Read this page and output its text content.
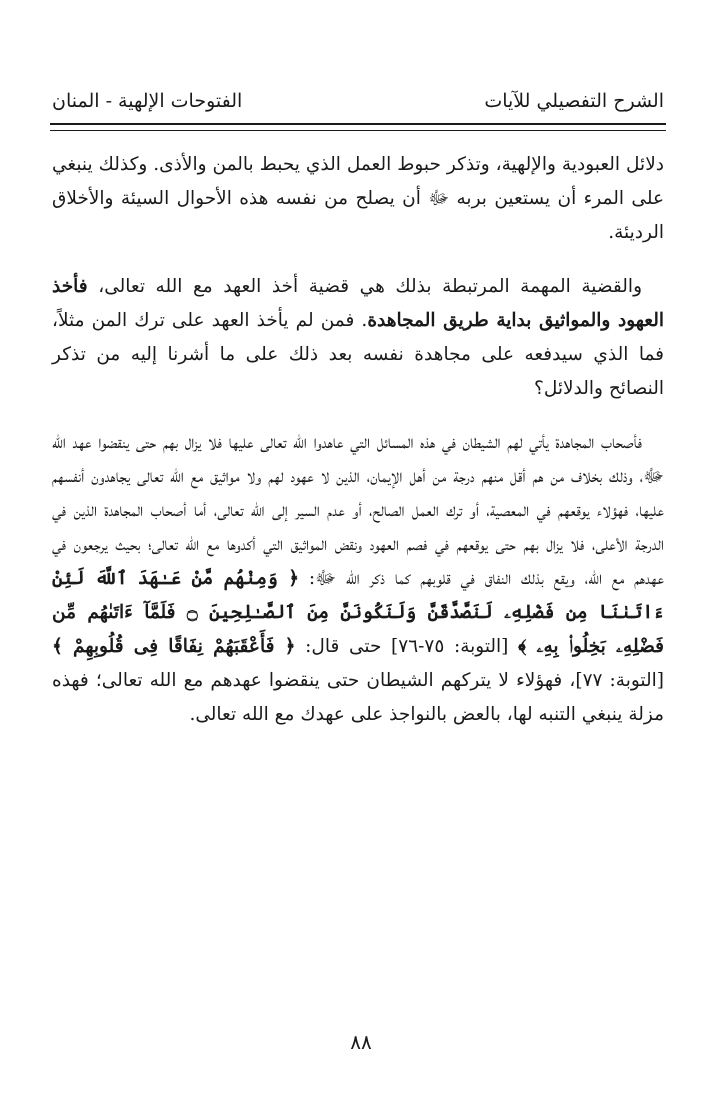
الشرح التفصيلي للآيات
الفتوحات الإلهية - المنان

دلائل العبودية والإلهية، وتذكر حبوط العمل الذي يحبط بالمن والأذى. وكذلك ينبغي على المرء أن يستعين بربه ﷻ أن يصلح من نفسه هذه الأحوال السيئة والأخلاق الرديئة.

والقضية المهمة المرتبطة بذلك هي قضية أخذ العهد مع الله تعالى، فأخذ العهود والمواثيق بداية طريق المجاهدة. فمن لم يأخذ العهد على ترك المن مثلاً، فما الذي سيدفعه على مجاهدة نفسه بعد ذلك على ما أشرنا إليه من تذكر النصائح والدلائل؟

فأصحاب المجاهدة يأتي لهم الشيطان في هذه المسائل التي عاهدوا الله تعالى عليها فلا يزال بهم حتى ينقضوا عهد الله ﷻ، وذلك بخلاف من هم أقل منهم درجة من أهل الإيمان، الذين لا عهود لهم ولا مواثيق مع الله تعالى يجاهدون أنفسهم عليها، فهؤلاء يوقعهم في المعصية، أو ترك العمل الصالح، أو عدم السير إلى الله تعالى، أما أصحاب المجاهدة الذين في الدرجة الأعلى، فلا يزال بهم حتى يوقعهم في فصم العهود ونقض المواثيق التي أكدوها مع الله تعالى؛ بحيث يرجعون في عهدهم مع الله، ويقع بذلك النفاق في قلوبهم كما ذكر الله ﷻ: ﴿ وَمِنْهُم مَّنْ عَـٰهَدَ ٱللَّهَ لَئِنْ ءَاتَىٰنَا مِن فَضْلِهِۦ لَنَصَّدَّقَنَّ وَلَنَكُونَنَّ مِنَ ٱلصَّـٰلِحِينَ ۝ فَلَمَّآ ءَاتَىٰهُم مِّن فَضْلِهِۦ بَخِلُوا۟ بِهِۦ ﴾ [التوبة: ٧٥-٧٦] حتى قال: ﴿ فَأَعْقَبَهُمْ نِفَاقًا فِى قُلُوبِهِمْ ﴾ [التوبة: ٧٧]، فهؤلاء لا يتركهم الشيطان حتى ينقضوا عهدهم مع الله تعالى؛ فهذه مزلة ينبغي التنبه لها، بالعض بالنواجذ على عهدك مع الله تعالى.

٨٨
